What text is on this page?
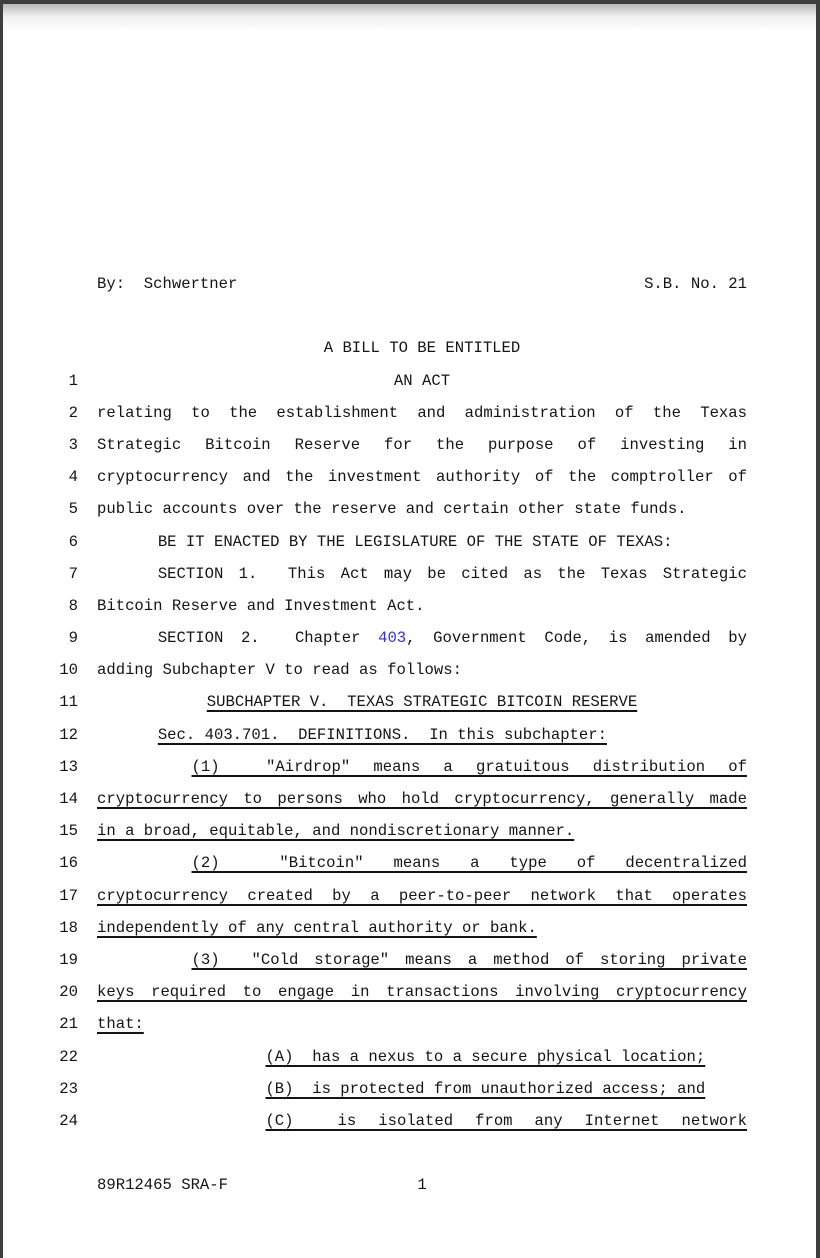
By:  Schwertner	S.B. No. 21
A BILL TO BE ENTITLED
1	AN ACT
2 relating to the establishment and administration of the Texas
3 Strategic Bitcoin Reserve for the purpose of investing in
4 cryptocurrency and the investment authority of the comptroller of
5 public accounts over the reserve and certain other state funds.
6	BE IT ENACTED BY THE LEGISLATURE OF THE STATE OF TEXAS:
7	SECTION 1.  This Act may be cited as the Texas Strategic
8 Bitcoin Reserve and Investment Act.
9	SECTION 2.  Chapter 403, Government Code, is amended by
10 adding Subchapter V to read as follows:
11	SUBCHAPTER V.  TEXAS STRATEGIC BITCOIN RESERVE
12	Sec. 403.701.  DEFINITIONS.  In this subchapter:
13	(1)  "Airdrop" means a gratuitous distribution of
14 cryptocurrency to persons who hold cryptocurrency, generally made
15 in a broad, equitable, and nondiscretionary manner.
16	(2)  "Bitcoin" means a type of decentralized
17 cryptocurrency created by a peer-to-peer network that operates
18 independently of any central authority or bank.
19	(3)  "Cold storage" means a method of storing private
20 keys required to engage in transactions involving cryptocurrency
21 that:
22	(A)  has a nexus to a secure physical location;
23	(B)  is protected from unauthorized access; and
24	(C)  is isolated from any Internet network
89R12465 SRA-F	1
